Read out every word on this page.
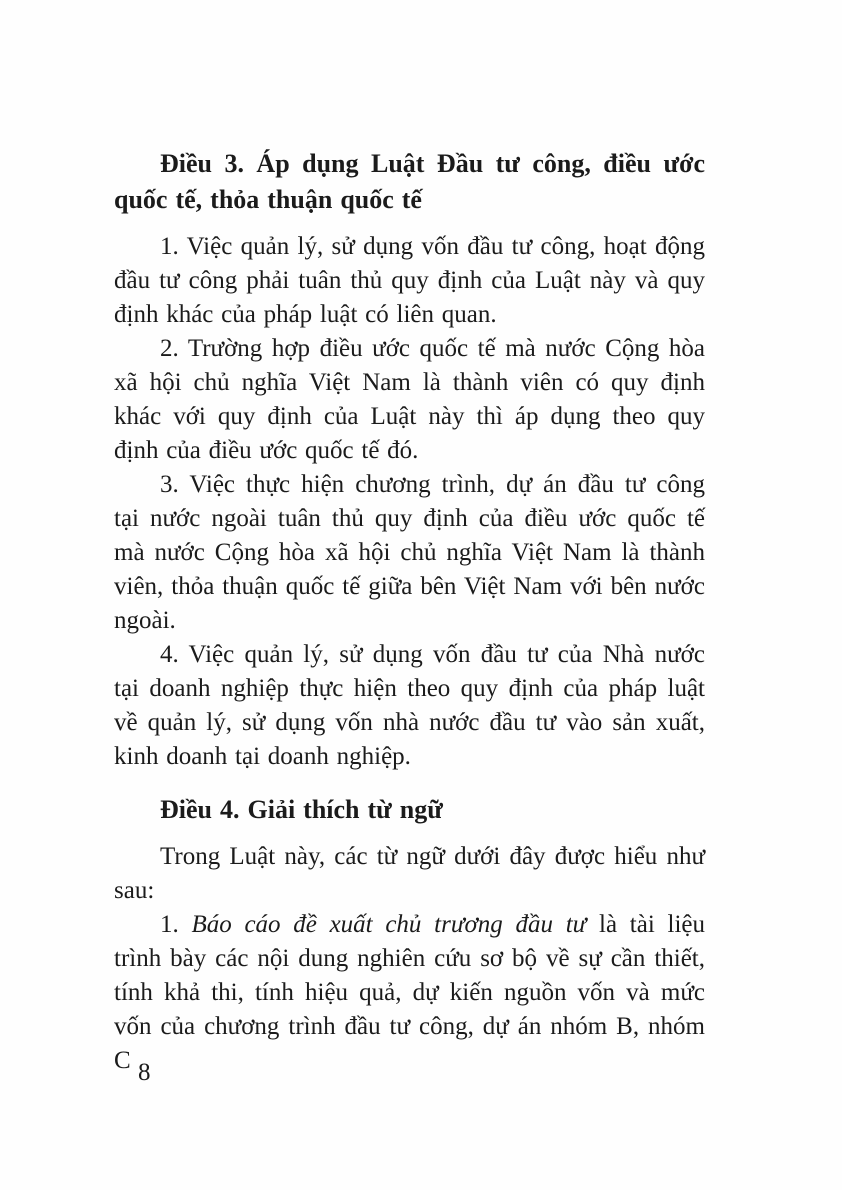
Điều 3. Áp dụng Luật Đầu tư công, điều ước quốc tế, thỏa thuận quốc tế

1. Việc quản lý, sử dụng vốn đầu tư công, hoạt động đầu tư công phải tuân thủ quy định của Luật này và quy định khác của pháp luật có liên quan.

2. Trường hợp điều ước quốc tế mà nước Cộng hòa xã hội chủ nghĩa Việt Nam là thành viên có quy định khác với quy định của Luật này thì áp dụng theo quy định của điều ước quốc tế đó.

3. Việc thực hiện chương trình, dự án đầu tư công tại nước ngoài tuân thủ quy định của điều ước quốc tế mà nước Cộng hòa xã hội chủ nghĩa Việt Nam là thành viên, thỏa thuận quốc tế giữa bên Việt Nam với bên nước ngoài.

4. Việc quản lý, sử dụng vốn đầu tư của Nhà nước tại doanh nghiệp thực hiện theo quy định của pháp luật về quản lý, sử dụng vốn nhà nước đầu tư vào sản xuất, kinh doanh tại doanh nghiệp.

Điều 4. Giải thích từ ngữ

Trong Luật này, các từ ngữ dưới đây được hiểu như sau:

1. Báo cáo đề xuất chủ trương đầu tư là tài liệu trình bày các nội dung nghiên cứu sơ bộ về sự cần thiết, tính khả thi, tính hiệu quả, dự kiến nguồn vốn và mức vốn của chương trình đầu tư công, dự án nhóm B, nhóm C 8
